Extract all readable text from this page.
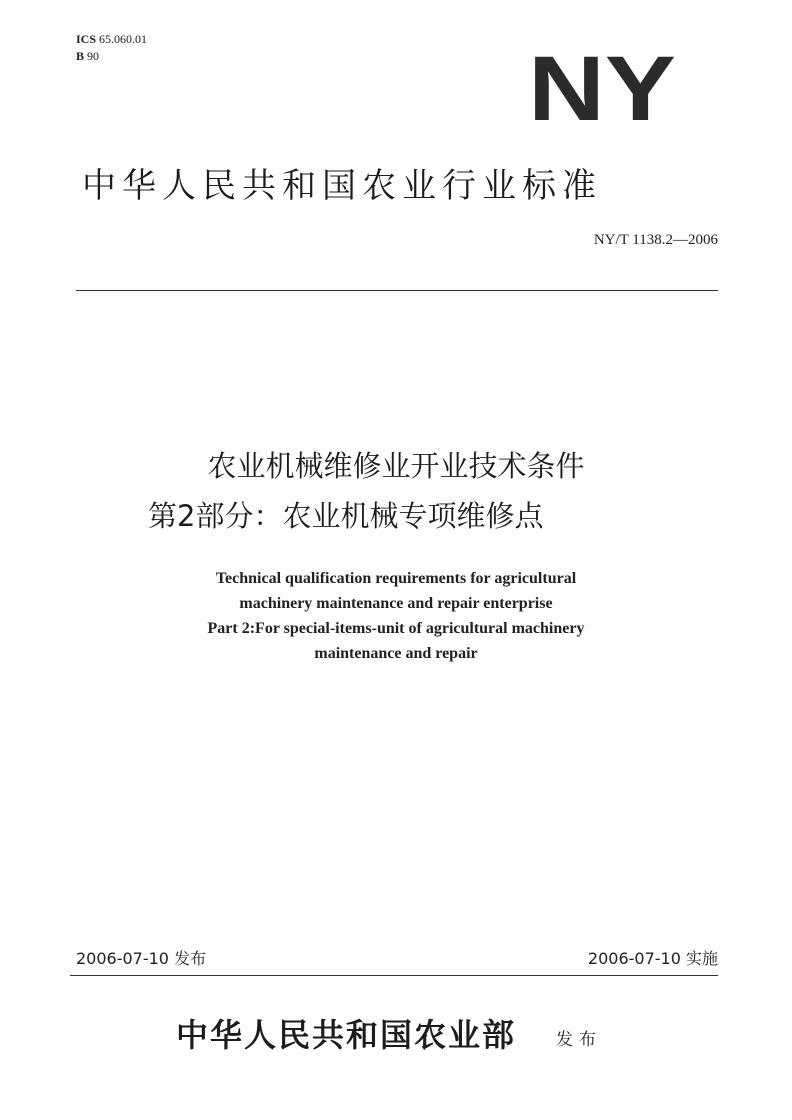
ICS 65.060.01
B 90	NY
中华人民共和国农业行业标准
NY/T 1138.2—2006
农业机械维修业开业技术条件
第2部分：农业机械专项维修点
Technical qualification requirements for agricultural
machinery maintenance and repair enterprise
Part 2:For special-items-unit of agricultural machinery
maintenance and repair
2006-07-10 发布	2006-07-10 实施
中华人民共和国农业部 发布
